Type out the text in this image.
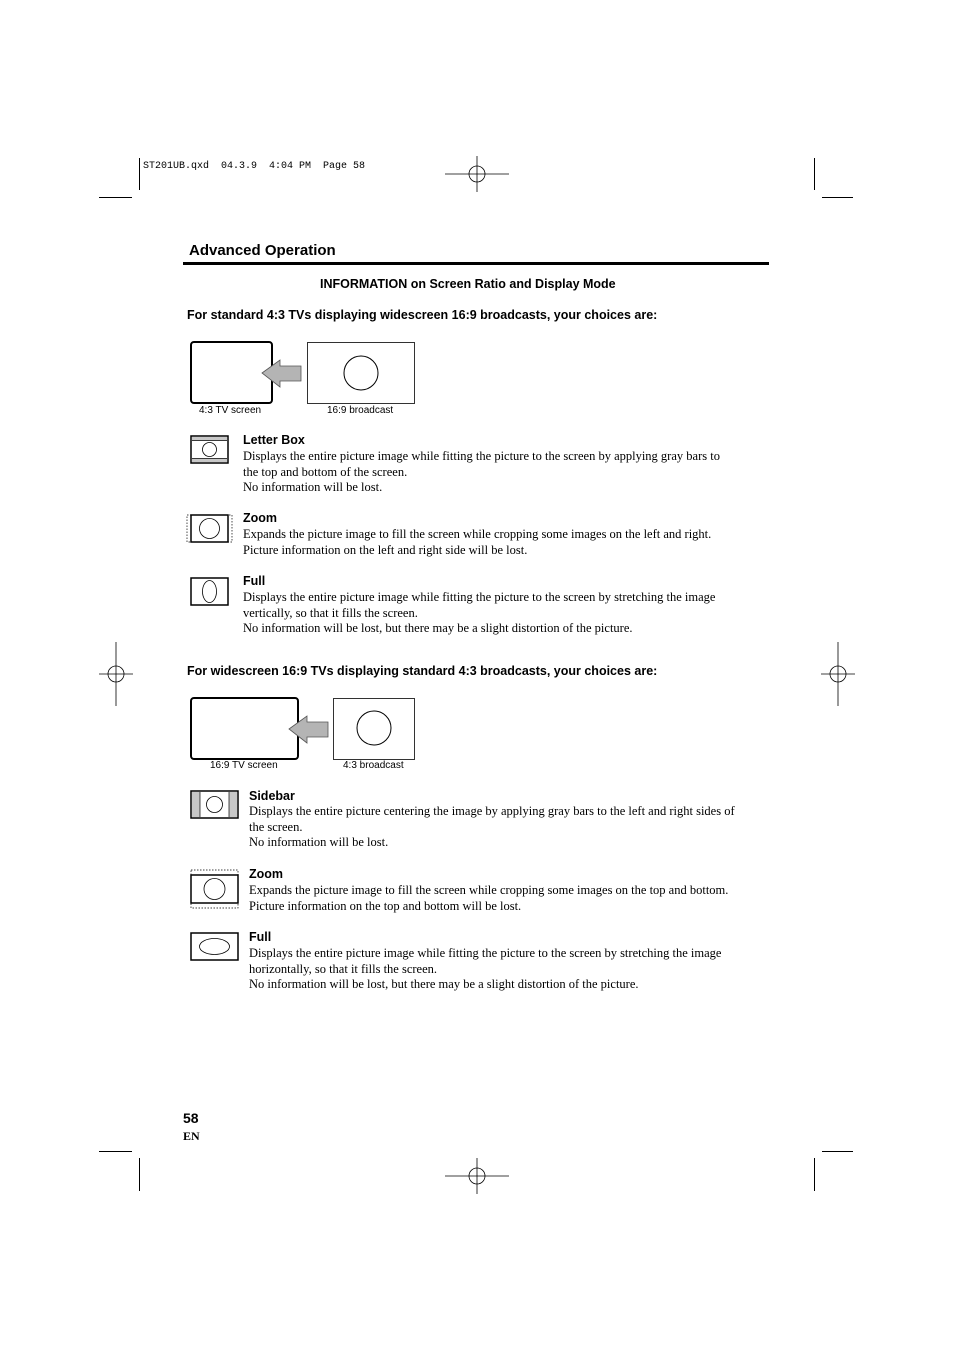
ST201UB.qxd  04.3.9  4:04 PM  Page 58
Advanced Operation
INFORMATION on Screen Ratio and Display Mode
For standard 4:3 TVs displaying widescreen 16:9 broadcasts, your choices are:
4:3 TV screen	16:9 broadcast
Letter Box

Displays the entire picture image while fitting the picture to the screen by applying gray bars to

the top and bottom of the screen.

No information will be lost.

Zoom

Expands the picture image to fill the screen while cropping some images on the left and right.

Picture information on the left and right side will be lost.

Full

Displays the entire picture image while fitting the picture to the screen by stretching the image

vertically, so that it fills the screen.

No information will be lost, but there may be a slight distortion of the picture.

For widescreen 16:9 TVs displaying standard 4:3 broadcasts, your choices are:
16:9 TV screen	4:3 broadcast
Sidebar

Displays the entire picture centering the image by applying gray bars to the left and right sides of

the screen.

No information will be lost.

Zoom

Expands the picture image to fill the screen while cropping some images on the top and bottom.

Picture information on the top and bottom will be lost.

Full

Displays the entire picture image while fitting the picture to the screen by stretching the image

horizontally, so that it fills the screen.

No information will be lost, but there may be a slight distortion of the picture.

58
EN
